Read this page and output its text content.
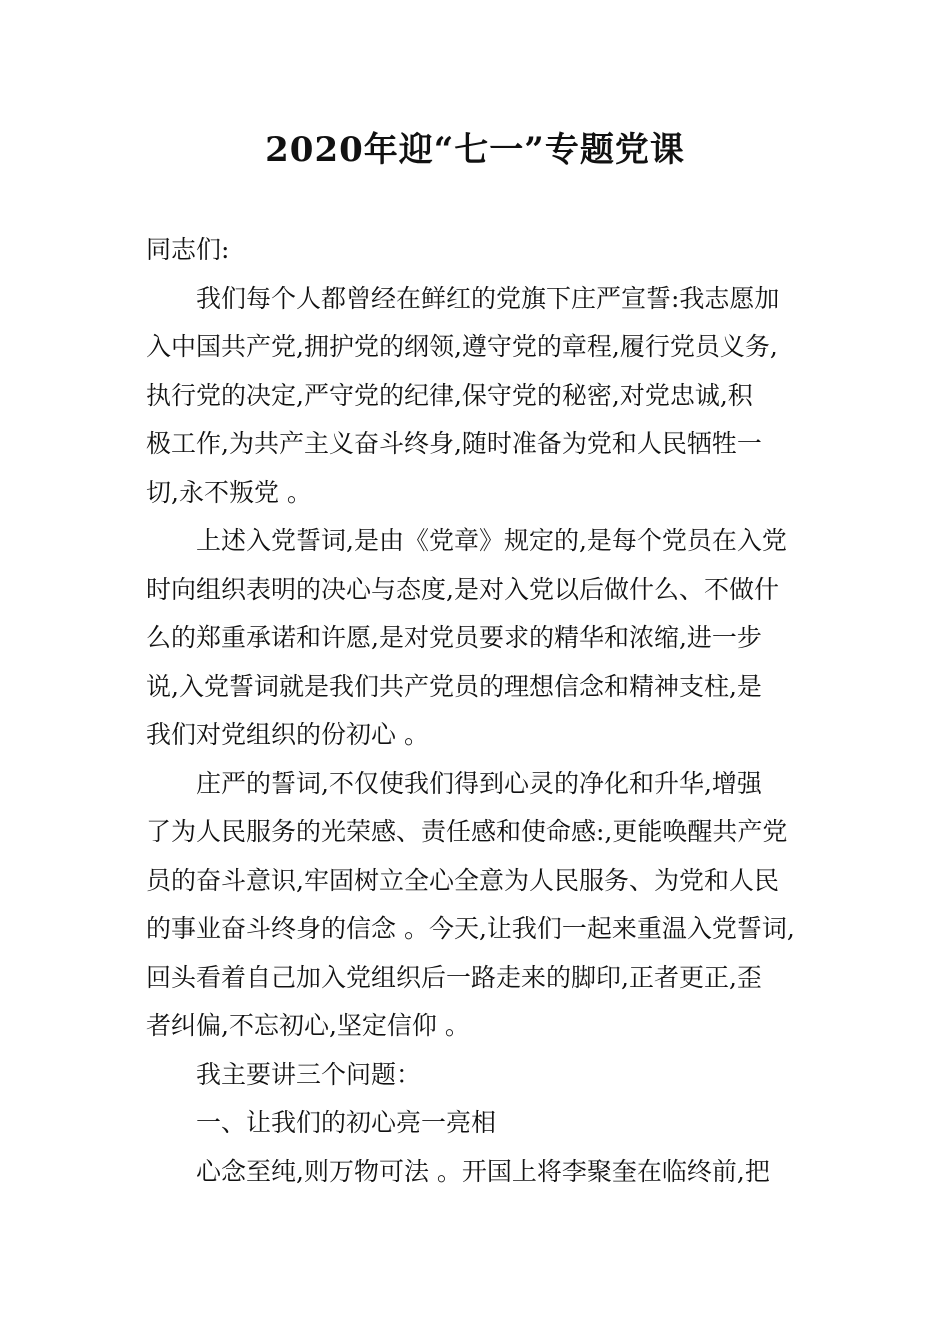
2020年迎“七一”专题党课
同志们:
我们每个人都曾经在鲜红的党旗下庄严宣誓:我志愿加
入中国共产党,拥护党的纲领,遵守党的章程,履行党员义务,
执行党的决定,严守党的纪律,保守党的秘密,对党忠诚,积
极工作,为共产主义奋斗终身,随时准备为党和人民牺牲一
切,永不叛党 。
上述入党誓词,是由《党章》规定的,是每个党员在入党
时向组织表明的决心与态度,是对入党以后做什么、不做什
么的郑重承诺和许愿,是对党员要求的精华和浓缩,进一步
说,入党誓词就是我们共产党员的理想信念和精神支柱,是
我们对党组织的份初心 。
庄严的誓词,不仅使我们得到心灵的净化和升华,增强
了为人民服务的光荣感、责任感和使命感:,更能唤醒共产党
员的奋斗意识,牢固树立全心全意为人民服务、为党和人民
的事业奋斗终身的信念 。今天,让我们一起来重温入党誓词,
回头看着自己加入党组织后一路走来的脚印,正者更正,歪
者纠偏,不忘初心,坚定信仰 。
我主要讲三个问题：
一、让我们的初心亮一亮相
心念至纯,则万物可法 。开国上将李聚奎在临终前,把
